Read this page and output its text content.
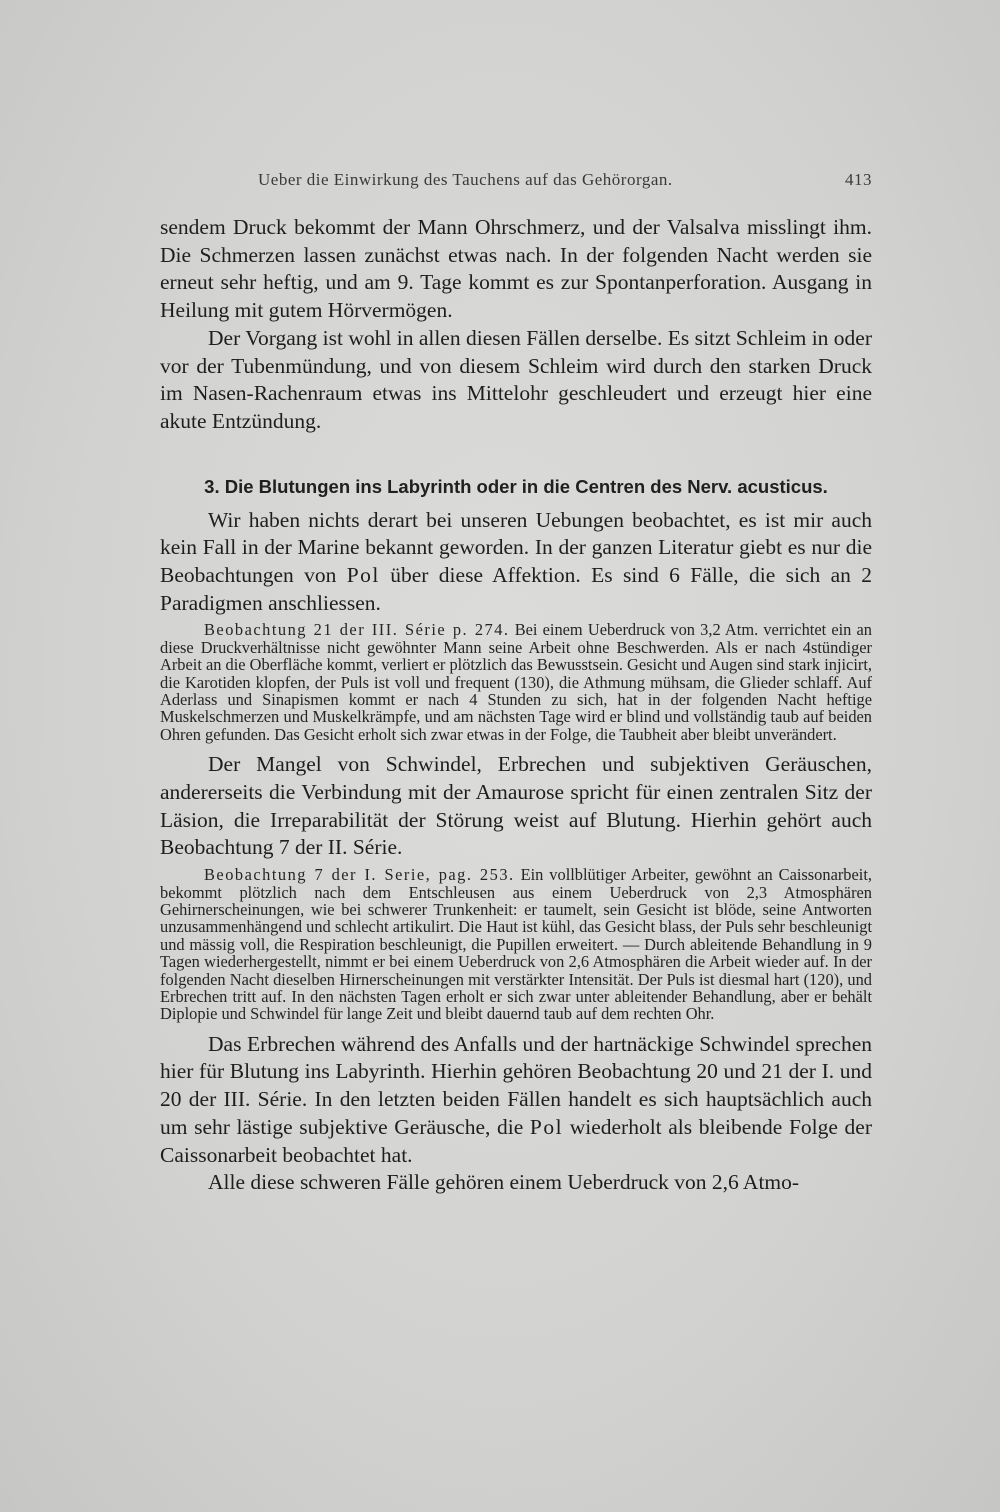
Ueber die Einwirkung des Tauchens auf das Gehörorgan.	413

sendem Druck bekommt der Mann Ohrschmerz, und der Valsalva misslingt ihm. Die Schmerzen lassen zunächst etwas nach. In der folgenden Nacht werden sie erneut sehr heftig, und am 9. Tage kommt es zur Spontanperforation. Ausgang in Heilung mit gutem Hörvermögen.

Der Vorgang ist wohl in allen diesen Fällen derselbe. Es sitzt Schleim in oder vor der Tubenmündung, und von diesem Schleim wird durch den starken Druck im Nasen-Rachenraum etwas ins Mittelohr geschleudert und erzeugt hier eine akute Entzündung.

3. Die Blutungen ins Labyrinth oder in die Centren des Nerv. acusticus.

Wir haben nichts derart bei unseren Uebungen beobachtet, es ist mir auch kein Fall in der Marine bekannt geworden. In der ganzen Literatur giebt es nur die Beobachtungen von Pol über diese Affektion. Es sind 6 Fälle, die sich an 2 Paradigmen anschliessen.

Beobachtung 21 der III. Série p. 274. Bei einem Ueberdruck von 3,2 Atm. verrichtet ein an diese Druckverhältnisse nicht gewöhnter Mann seine Arbeit ohne Beschwerden. Als er nach 4stündiger Arbeit an die Oberfläche kommt, verliert er plötzlich das Bewusstsein. Gesicht und Augen sind stark injicirt, die Karotiden klopfen, der Puls ist voll und frequent (130), die Athmung mühsam, die Glieder schlaff. Auf Aderlass und Sinapismen kommt er nach 4 Stunden zu sich, hat in der folgenden Nacht heftige Muskelschmerzen und Muskelkrämpfe, und am nächsten Tage wird er blind und vollständig taub auf beiden Ohren gefunden. Das Gesicht erholt sich zwar etwas in der Folge, die Taubheit aber bleibt unverändert.

Der Mangel von Schwindel, Erbrechen und subjektiven Geräuschen, andererseits die Verbindung mit der Amaurose spricht für einen zentralen Sitz der Läsion, die Irreparabilität der Störung weist auf Blutung. Hierhin gehört auch Beobachtung 7 der II. Série.

Beobachtung 7 der I. Serie, pag. 253. Ein vollblütiger Arbeiter, gewöhnt an Caissonarbeit, bekommt plötzlich nach dem Entschleusen aus einem Ueberdruck von 2,3 Atmosphären Gehirnerscheinungen, wie bei schwerer Trunkenheit: er taumelt, sein Gesicht ist blöde, seine Antworten unzusammenhängend und schlecht artikulirt. Die Haut ist kühl, das Gesicht blass, der Puls sehr beschleunigt und mässig voll, die Respiration beschleunigt, die Pupillen erweitert. — Durch ableitende Behandlung in 9 Tagen wiederhergestellt, nimmt er bei einem Ueberdruck von 2,6 Atmosphären die Arbeit wieder auf. In der folgenden Nacht dieselben Hirnerscheinungen mit verstärkter Intensität. Der Puls ist diesmal hart (120), und Erbrechen tritt auf. In den nächsten Tagen erholt er sich zwar unter ableitender Behandlung, aber er behält Diplopie und Schwindel für lange Zeit und bleibt dauernd taub auf dem rechten Ohr.

Das Erbrechen während des Anfalls und der hartnäckige Schwindel sprechen hier für Blutung ins Labyrinth. Hierhin gehören Beobachtung 20 und 21 der I. und 20 der III. Série. In den letzten beiden Fällen handelt es sich hauptsächlich auch um sehr lästige subjektive Geräusche, die Pol wiederholt als bleibende Folge der Caissonarbeit beobachtet hat.

Alle diese schweren Fälle gehören einem Ueberdruck von 2,6 Atmo-
